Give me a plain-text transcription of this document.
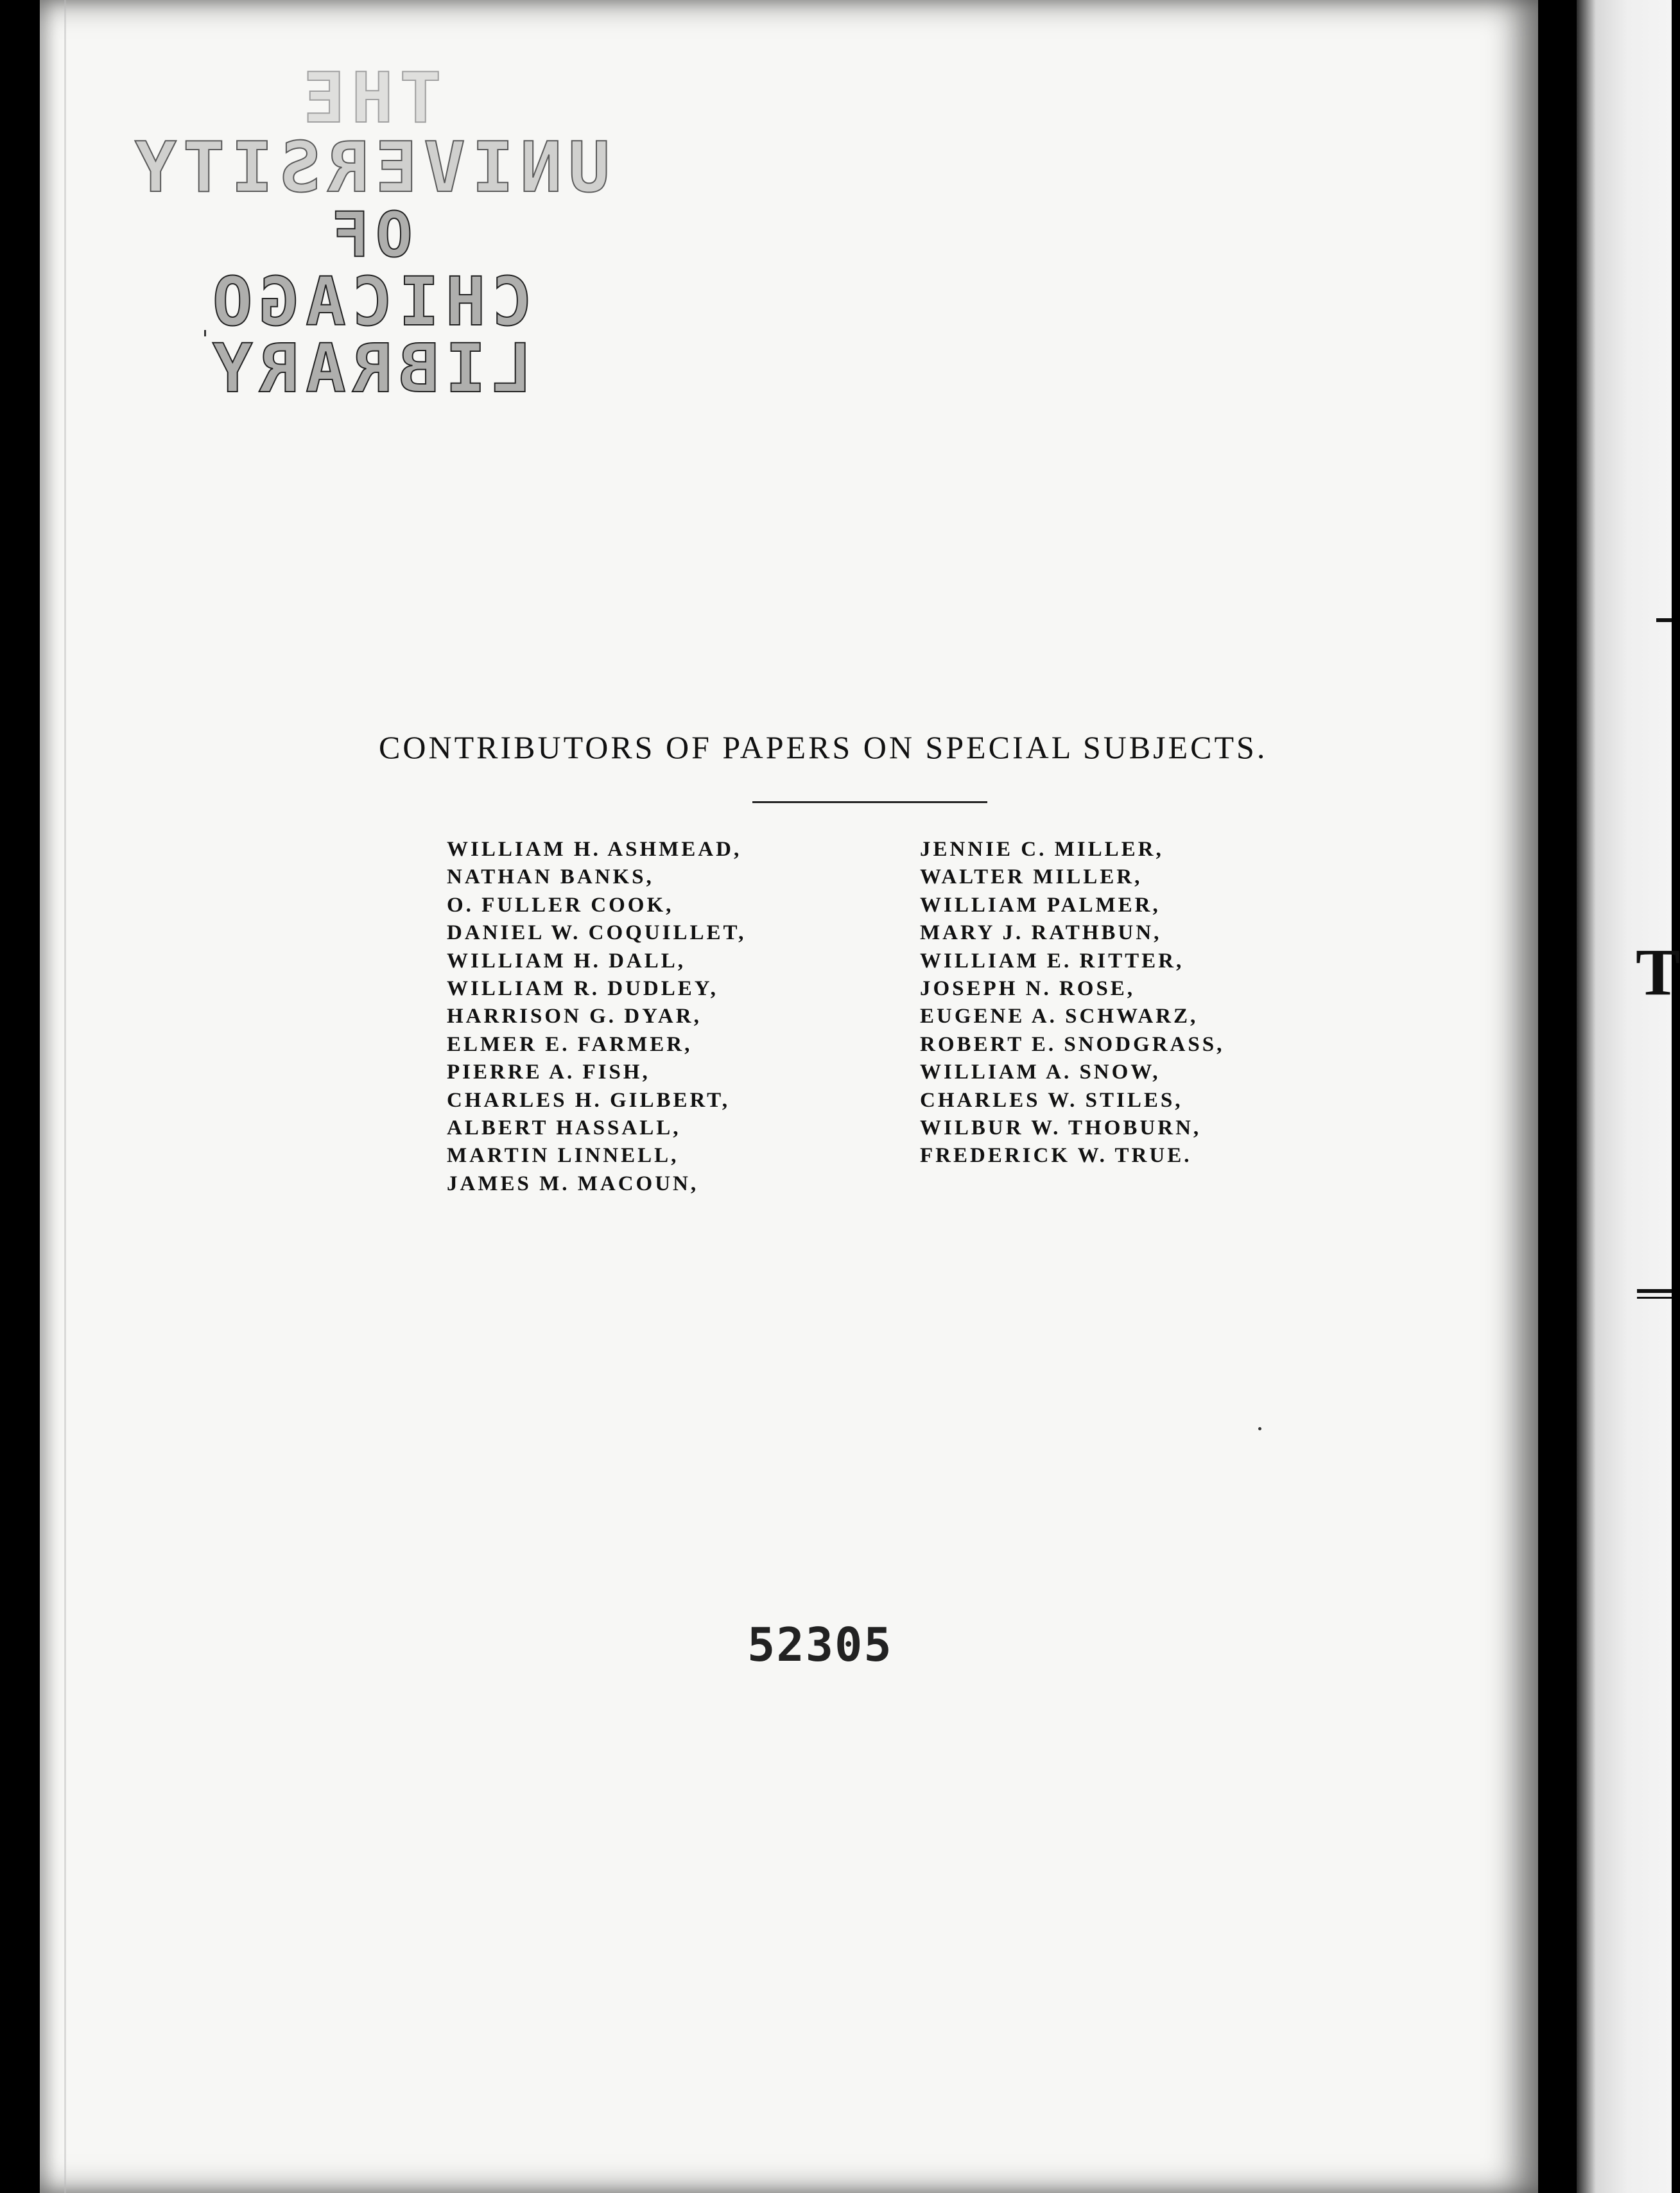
T
THE
UNIVERSITY
OF
CHICAGO LIBRARY
CONTRIBUTORS OF PAPERS ON SPECIAL SUBJECTS.
WILLIAM H. ASHMEAD,
NATHAN BANKS,
O. FULLER COOK,
DANIEL W. COQUILLET,
WILLIAM H. DALL,
WILLIAM R. DUDLEY,
HARRISON G. DYAR,
ELMER E. FARMER,
PIERRE A. FISH,
CHARLES H. GILBERT,
ALBERT HASSALL,
MARTIN LINNELL,
JAMES M. MACOUN,
JENNIE C. MILLER,
WALTER MILLER,
WILLIAM PALMER,
MARY J. RATHBUN,
WILLIAM E. RITTER,
JOSEPH N. ROSE,
EUGENE A. SCHWARZ,
ROBERT E. SNODGRASS,
WILLIAM A. SNOW,
CHARLES W. STILES,
WILBUR W. THOBURN,
FREDERICK W. TRUE.
52305
